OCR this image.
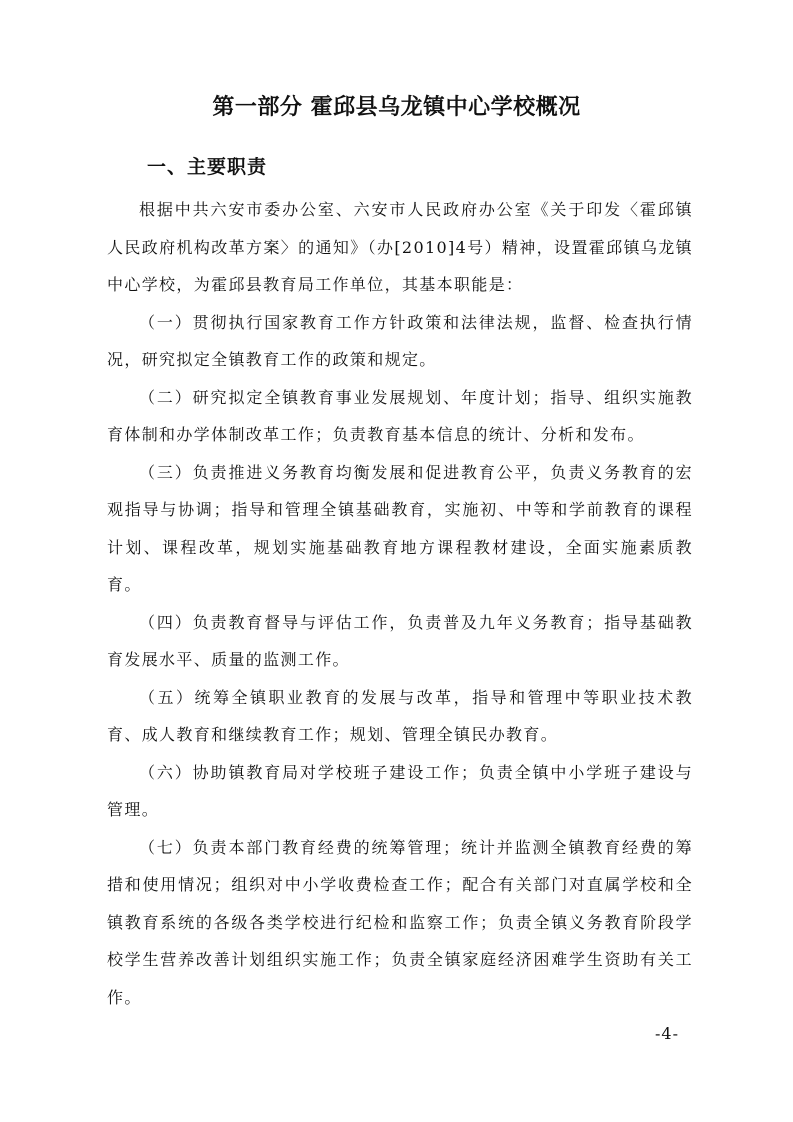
第一部分 霍邱县乌龙镇中心学校概况
一、主要职责

根据中共六安市委办公室、六安市人民政府办公室《关于印发〈霍邱镇人民政府机构改革方案〉的通知》（办[2010]4号）精神，设置霍邱镇乌龙镇中心学校，为霍邱县教育局工作单位，其基本职能是：

（一）贯彻执行国家教育工作方针政策和法律法规，监督、检查执行情况，研究拟定全镇教育工作的政策和规定。

（二）研究拟定全镇教育事业发展规划、年度计划；指导、组织实施教育体制和办学体制改革工作；负责教育基本信息的统计、分析和发布。

（三）负责推进义务教育均衡发展和促进教育公平，负责义务教育的宏观指导与协调；指导和管理全镇基础教育，实施初、中等和学前教育的课程计划、课程改革，规划实施基础教育地方课程教材建设，全面实施素质教育。

（四）负责教育督导与评估工作，负责普及九年义务教育；指导基础教育发展水平、质量的监测工作。

（五）统筹全镇职业教育的发展与改革，指导和管理中等职业技术教育、成人教育和继续教育工作；规划、管理全镇民办教育。

（六）协助镇教育局对学校班子建设工作；负责全镇中小学班子建设与管理。

（七）负责本部门教育经费的统筹管理；统计并监测全镇教育经费的筹措和使用情况；组织对中小学收费检查工作；配合有关部门对直属学校和全镇教育系统的各级各类学校进行纪检和监察工作；负责全镇义务教育阶段学校学生营养改善计划组织实施工作；负责全镇家庭经济困难学生资助有关工作。

-4-
